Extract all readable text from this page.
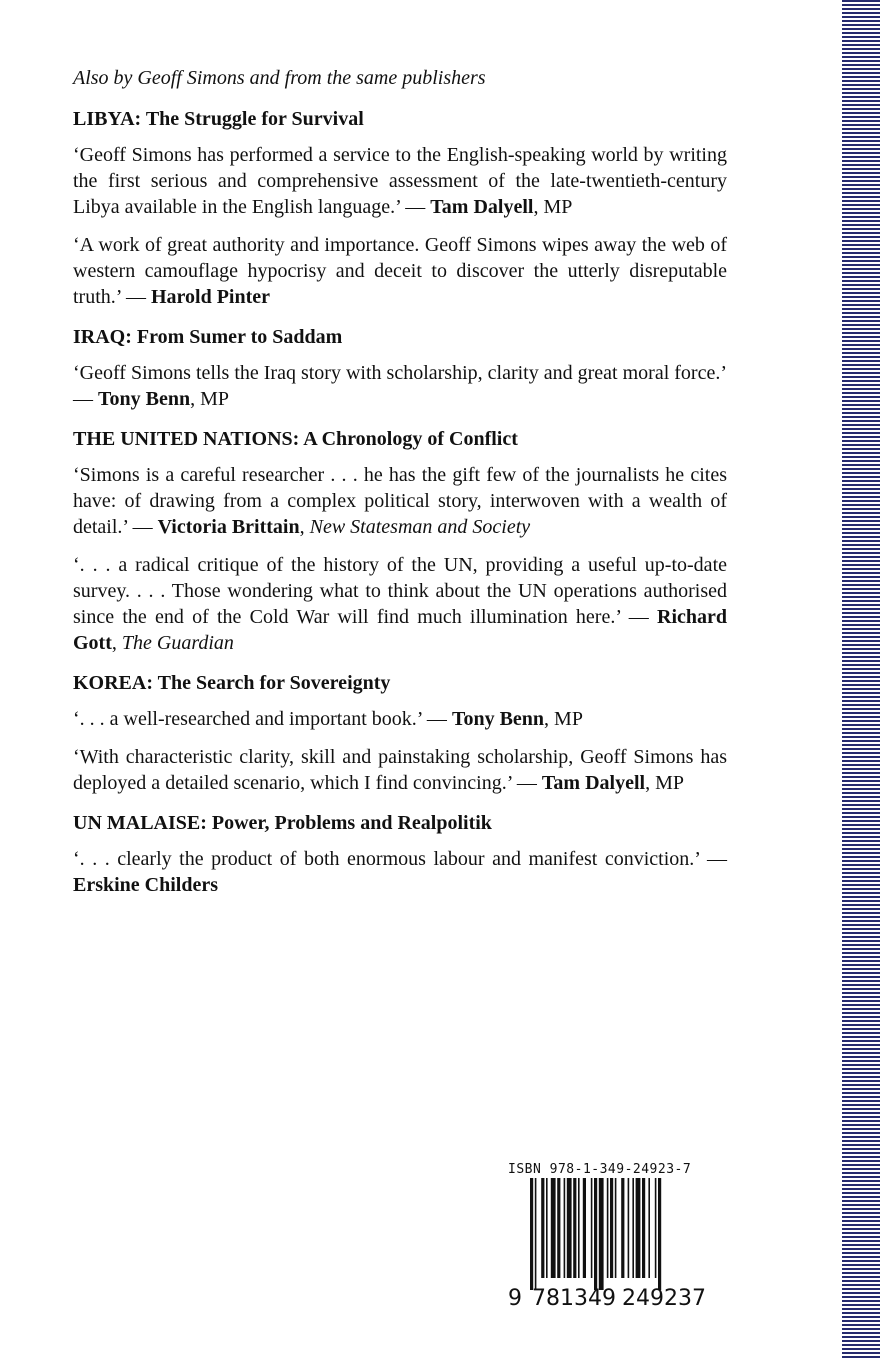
Also by Geoff Simons and from the same publishers

LIBYA: The Struggle for Survival

‘Geoff Simons has performed a service to the English-speaking world by writing the first serious and comprehensive assessment of the late-twentieth-century Libya available in the English language.’ — Tam Dalyell, MP

‘A work of great authority and importance. Geoff Simons wipes away the web of western camouflage hypocrisy and deceit to discover the utterly disreputable truth.’ — Harold Pinter

IRAQ: From Sumer to Saddam

‘Geoff Simons tells the Iraq story with scholarship, clarity and great moral force.’ — Tony Benn, MP

THE UNITED NATIONS: A Chronology of Conflict

‘Simons is a careful researcher . . . he has the gift few of the journalists he cites have: of drawing from a complex political story, interwoven with a wealth of detail.’ — Victoria Brittain, New Statesman and Society

‘. . . a radical critique of the history of the UN, providing a useful up-to-date survey. . . . Those wondering what to think about the UN operations authorised since the end of the Cold War will find much illumination here.’ — Richard Gott, The Guardian

KOREA: The Search for Sovereignty

‘. . . a well-researched and important book.’ — Tony Benn, MP

‘With characteristic clarity, skill and painstaking scholarship, Geoff Simons has deployed a detailed scenario, which I find convincing.’ — Tam Dalyell, MP

UN MALAISE: Power, Problems and Realpolitik

‘. . . clearly the product of both enormous labour and manifest conviction.’ — Erskine Childers

ISBN 978-1-349-24923-7
9 781349 249237
